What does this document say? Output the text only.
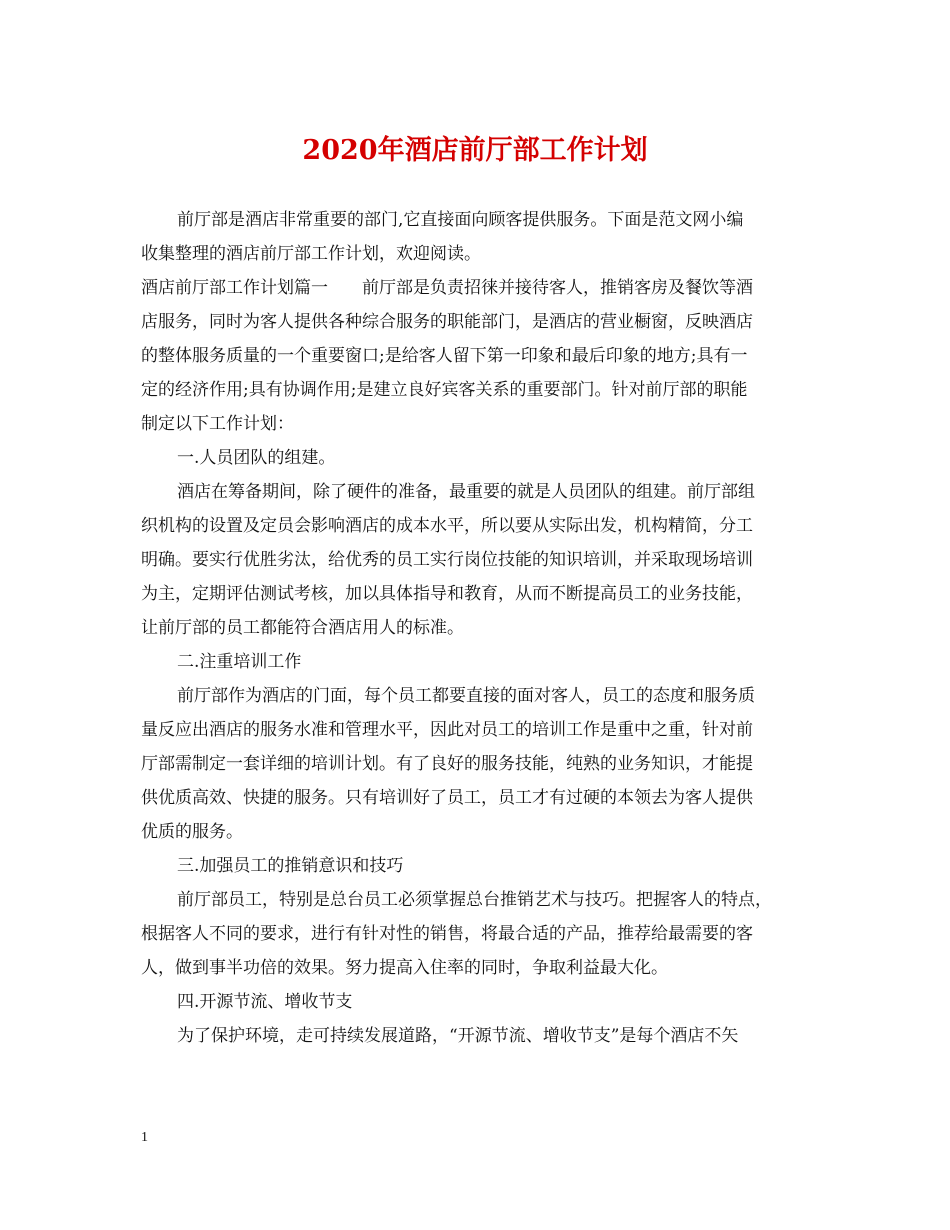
2020年酒店前厅部工作计划
前厅部是酒店非常重要的部门,它直接面向顾客提供服务。下面是范文网小编
收集整理的酒店前厅部工作计划，欢迎阅读。
酒店前厅部工作计划篇一　　前厅部是负责招徕并接待客人，推销客房及餐饮等酒
店服务，同时为客人提供各种综合服务的职能部门，是酒店的营业橱窗，反映酒店
的整体服务质量的一个重要窗口;是给客人留下第一印象和最后印象的地方;具有一
定的经济作用;具有协调作用;是建立良好宾客关系的重要部门。针对前厅部的职能
制定以下工作计划：
一.人员团队的组建。
酒店在筹备期间，除了硬件的准备，最重要的就是人员团队的组建。前厅部组
织机构的设置及定员会影响酒店的成本水平，所以要从实际出发，机构精简，分工
明确。要实行优胜劣汰，给优秀的员工实行岗位技能的知识培训，并采取现场培训
为主，定期评估测试考核，加以具体指导和教育，从而不断提高员工的业务技能，
让前厅部的员工都能符合酒店用人的标准。
二.注重培训工作
前厅部作为酒店的门面，每个员工都要直接的面对客人，员工的态度和服务质
量反应出酒店的服务水准和管理水平，因此对员工的培训工作是重中之重，针对前
厅部需制定一套详细的培训计划。有了良好的服务技能，纯熟的业务知识，才能提
供优质高效、快捷的服务。只有培训好了员工，员工才有过硬的本领去为客人提供
优质的服务。
三.加强员工的推销意识和技巧
前厅部员工，特别是总台员工必须掌握总台推销艺术与技巧。把握客人的特点，
根据客人不同的要求，进行有针对性的销售，将最合适的产品，推荐给最需要的客
人，做到事半功倍的效果。努力提高入住率的同时，争取利益最大化。
四.开源节流、增收节支
为了保护环境，走可持续发展道路，“开源节流、增收节支”是每个酒店不矢
1
